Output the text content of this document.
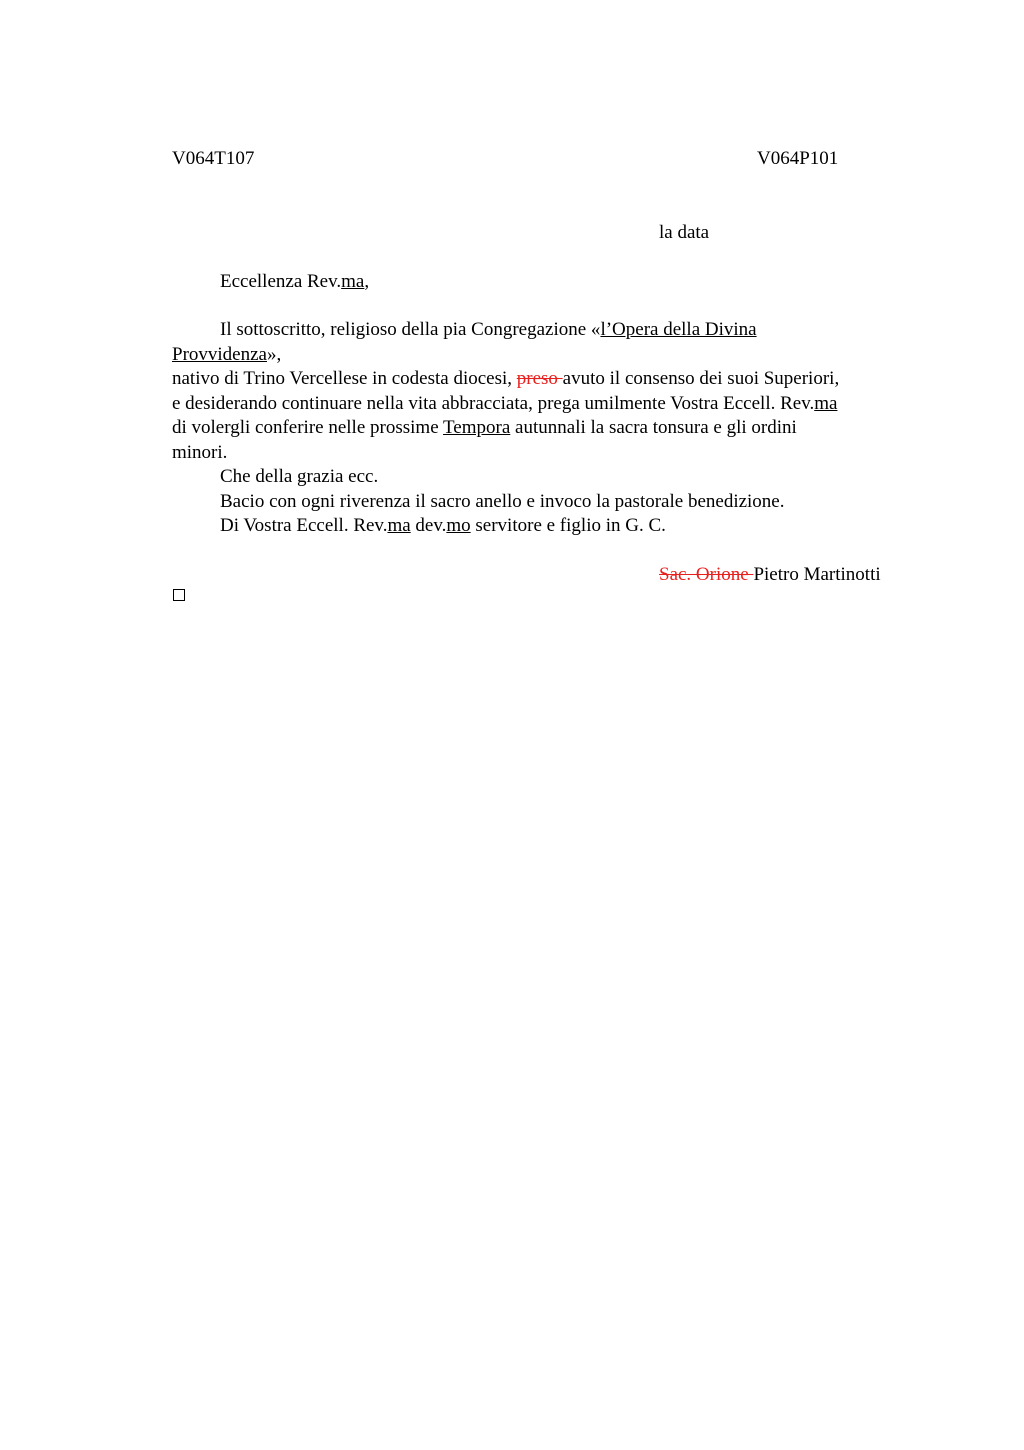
V064T107	V064P101
la data
Eccellenza Rev.ma,
Il sottoscritto, religioso della pia Congregazione «l’Opera della Divina
Provvidenza»,
nativo di Trino Vercellese in codesta diocesi, preso avuto il consenso dei suoi Superiori,
e desiderando continuare nella vita abbracciata, prega umilmente Vostra Eccell. Rev.ma
di volergli conferire nelle prossime Tempora autunnali la sacra tonsura e gli ordini
minori.
Che della grazia ecc.
Bacio con ogni riverenza il sacro anello e invoco la pastorale benedizione.
Di Vostra Eccell. Rev.ma dev.mo servitore e figlio in G. C.
Sac. Orione Pietro Martinotti
